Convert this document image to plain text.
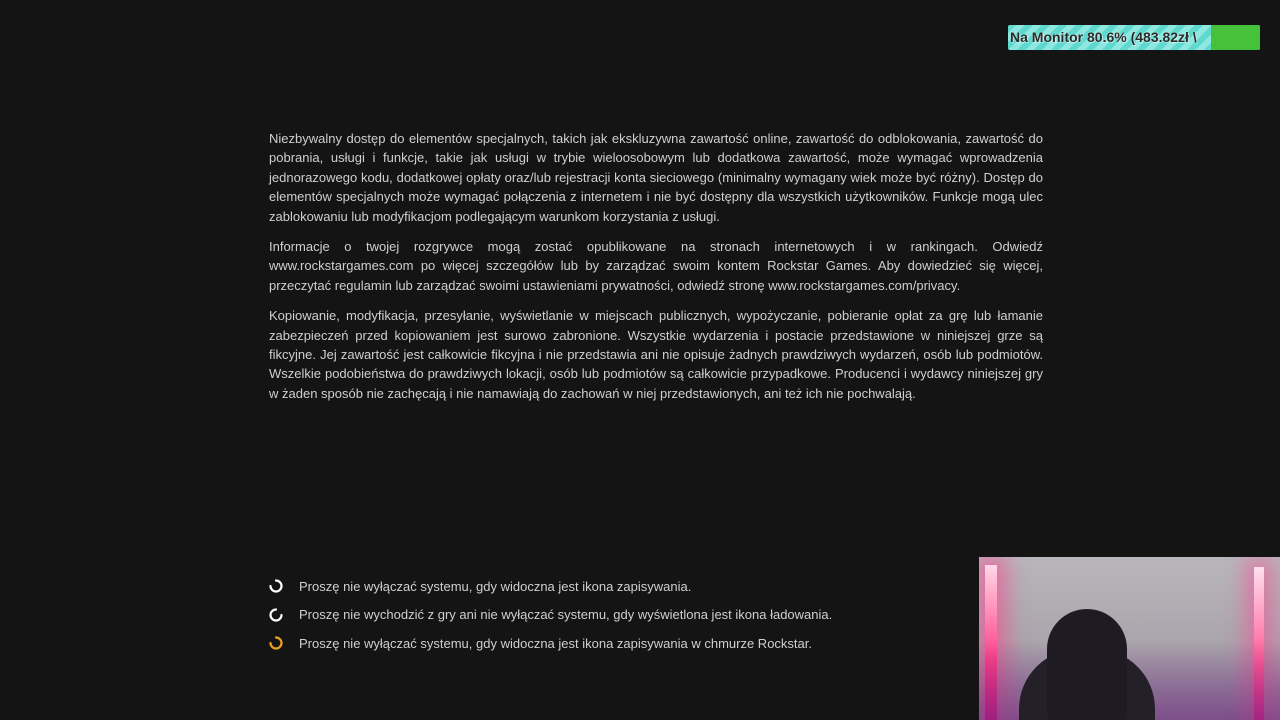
Na Monitor 80.6% (483.82zł \

Niezbywalny dostęp do elementów specjalnych, takich jak ekskluzywna zawartość online, zawartość do odblokowania, zawartość do pobrania, usługi i funkcje, takie jak usługi w trybie wieloosobowym lub dodatkowa zawartość, może wymagać wprowadzenia jednorazowego kodu, dodatkowej opłaty oraz/lub rejestracji konta sieciowego (minimalny wymagany wiek może być różny). Dostęp do elementów specjalnych może wymagać połączenia z internetem i nie być dostępny dla wszystkich użytkowników. Funkcje mogą ulec zablokowaniu lub modyfikacjom podlegającym warunkom korzystania z usługi.

Informacje o twojej rozgrywce mogą zostać opublikowane na stronach internetowych i w rankingach. Odwiedź www.rockstargames.com po więcej szczegółów lub by zarządzać swoim kontem Rockstar Games. Aby dowiedzieć się więcej, przeczytać regulamin lub zarządzać swoimi ustawieniami prywatności, odwiedź stronę www.rockstargames.com/privacy.

Kopiowanie, modyfikacja, przesyłanie, wyświetlanie w miejscach publicznych, wypożyczanie, pobieranie opłat za grę lub łamanie zabezpieczeń przed kopiowaniem jest surowo zabronione. Wszystkie wydarzenia i postacie przedstawione w niniejszej grze są fikcyjne. Jej zawartość jest całkowicie fikcyjna i nie przedstawia ani nie opisuje żadnych prawdziwych wydarzeń, osób lub podmiotów. Wszelkie podobieństwa do prawdziwych lokacji, osób lub podmiotów są całkowicie przypadkowe. Producenci i wydawcy niniejszej gry w żaden sposób nie zachęcają i nie namawiają do zachowań w niej przedstawionych, ani też ich nie pochwalają.

Proszę nie wyłączać systemu, gdy widoczna jest ikona zapisywania.
Proszę nie wychodzić z gry ani nie wyłączać systemu, gdy wyświetlona jest ikona ładowania.
Proszę nie wyłączać systemu, gdy widoczna jest ikona zapisywania w chmurze Rockstar.
